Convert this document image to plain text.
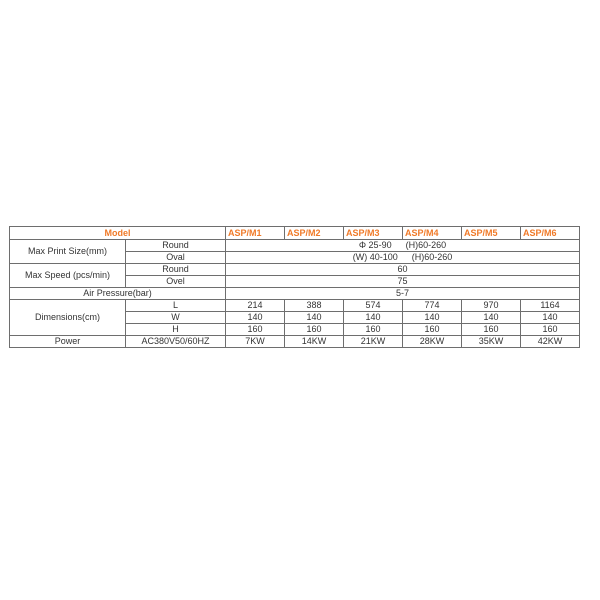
Model		ASP/M1	ASP/M2	ASP/M3	ASP/M4	ASP/M5	ASP/M6
Max Print Size(mm)	Round	Φ 25-90 (H)60-260					
	Oval	(W) 40-100 (H)60-260					
Max Speed (pcs/min)	Round	60					
	Ovel	75					
Air Pressure(bar)		5-7					
Dimensions(cm)	L	214	388	574	774	970	1164
	W	140	140	140	140	140	140
	H	160	160	160	160	160	160
Power	AC380V50/60HZ	7KW	14KW	21KW	28KW	35KW	42KW
